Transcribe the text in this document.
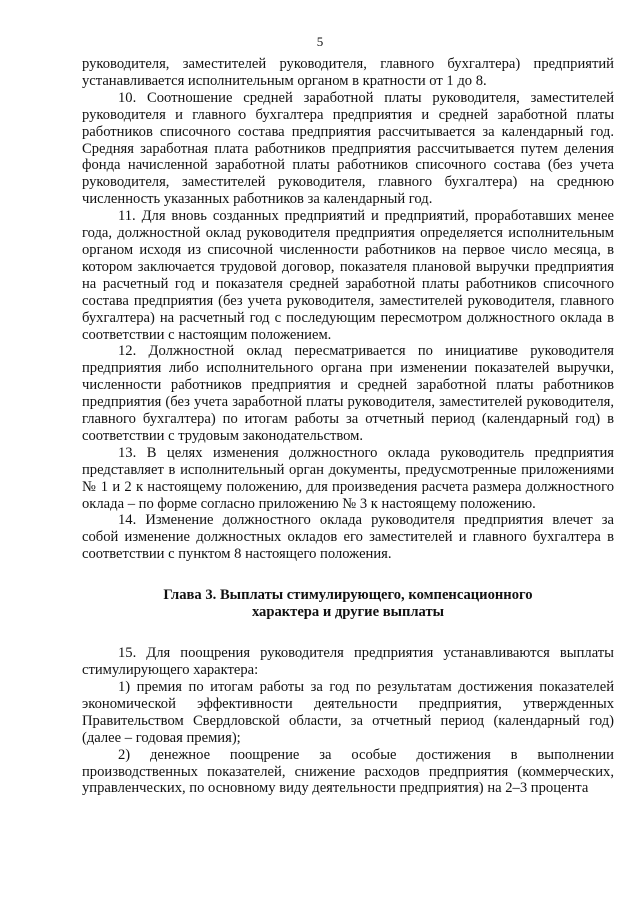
5

руководителя, заместителей руководителя, главного бухгалтера) предприятий устанавливается исполнительным органом в кратности от 1 до 8.

10. Соотношение средней заработной платы руководителя, заместителей руководителя и главного бухгалтера предприятия и средней заработной платы работников списочного состава предприятия рассчитывается за календарный год. Средняя заработная плата работников предприятия рассчитывается путем деления фонда начисленной заработной платы работников списочного состава (без учета руководителя, заместителей руководителя, главного бухгалтера) на среднюю численность указанных работников за календарный год.

11. Для вновь созданных предприятий и предприятий, проработавших менее года, должностной оклад руководителя предприятия определяется исполнительным органом исходя из списочной численности работников на первое число месяца, в котором заключается трудовой договор, показателя плановой выручки предприятия на расчетный год и показателя средней заработной платы работников списочного состава предприятия (без учета руководителя, заместителей руководителя, главного бухгалтера) на расчетный год с последующим пересмотром должностного оклада в соответствии с настоящим положением.

12. Должностной оклад пересматривается по инициативе руководителя предприятия либо исполнительного органа при изменении показателей выручки, численности работников предприятия и средней заработной платы работников предприятия (без учета заработной платы руководителя, заместителей руководителя, главного бухгалтера) по итогам работы за отчетный период (календарный год) в соответствии с трудовым законодательством.

13. В целях изменения должностного оклада руководитель предприятия представляет в исполнительный орган документы, предусмотренные приложениями № 1 и 2 к настоящему положению, для произведения расчета размера должностного оклада – по форме согласно приложению № 3 к настоящему положению.

14. Изменение должностного оклада руководителя предприятия влечет за собой изменение должностных окладов его заместителей и главного бухгалтера в соответствии с пунктом 8 настоящего положения.

Глава 3. Выплаты стимулирующего, компенсационного
характера и другие выплаты

15. Для поощрения руководителя предприятия устанавливаются выплаты стимулирующего характера:

1) премия по итогам работы за год по результатам достижения показателей экономической эффективности деятельности предприятия, утвержденных Правительством Свердловской области, за отчетный период (календарный год) (далее – годовая премия);

2) денежное поощрение за особые достижения в выполнении производственных показателей, снижение расходов предприятия (коммерческих, управленческих, по основному виду деятельности предприятия) на 2–3 процента
